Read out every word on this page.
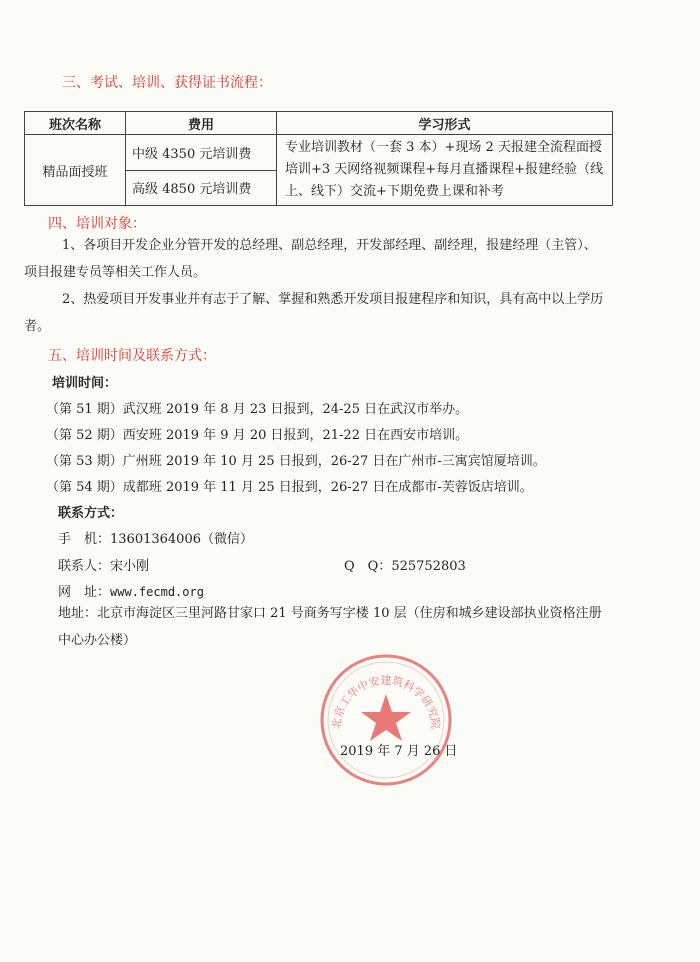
三、考试、培训、获得证书流程：
班次名称	费用	学习形式
精品面授班	中级 4350 元培训费	专业培训教材（一套 3 本）+现场 2 天报建全流程面授培训+3 天网络视频课程+每月直播课程+报建经验（线上、线下）交流+下期免费上课和补考
	高级 4850 元培训费	
四、培训对象：
1、各项目开发企业分管开发的总经理、副总经理，开发部经理、副经理，报建经理（主管）、项目报建专员等相关工作人员。
2、热爱项目开发事业并有志于了解、掌握和熟悉开发项目报建程序和知识，具有高中以上学历者。
五、培训时间及联系方式：
培训时间：
（第 51 期）武汉班 2019 年 8 月 23 日报到，24-25 日在武汉市举办。
（第 52 期）西安班 2019 年 9 月 20 日报到，21-22 日在西安市培训。
（第 53 期）广州班 2019 年 10 月 25 日报到，26-27 日在广州市-三寓宾馆厦培训。
（第 54 期）成都班 2019 年 11 月 25 日报到，26-27 日在成都市-芙蓉饭店培训。
联系方式：
手　机：13601364006（微信）
联系人：宋小刚	Q　Q：525752803
网　址：www.fecmd.org
地址：北京市海淀区三里河路甘家口 21 号商务写字楼 10 层（住房和城乡建设部执业资格注册中心办公楼）
北京工华中安建筑科学研究院
2019 年 7 月 26 日
